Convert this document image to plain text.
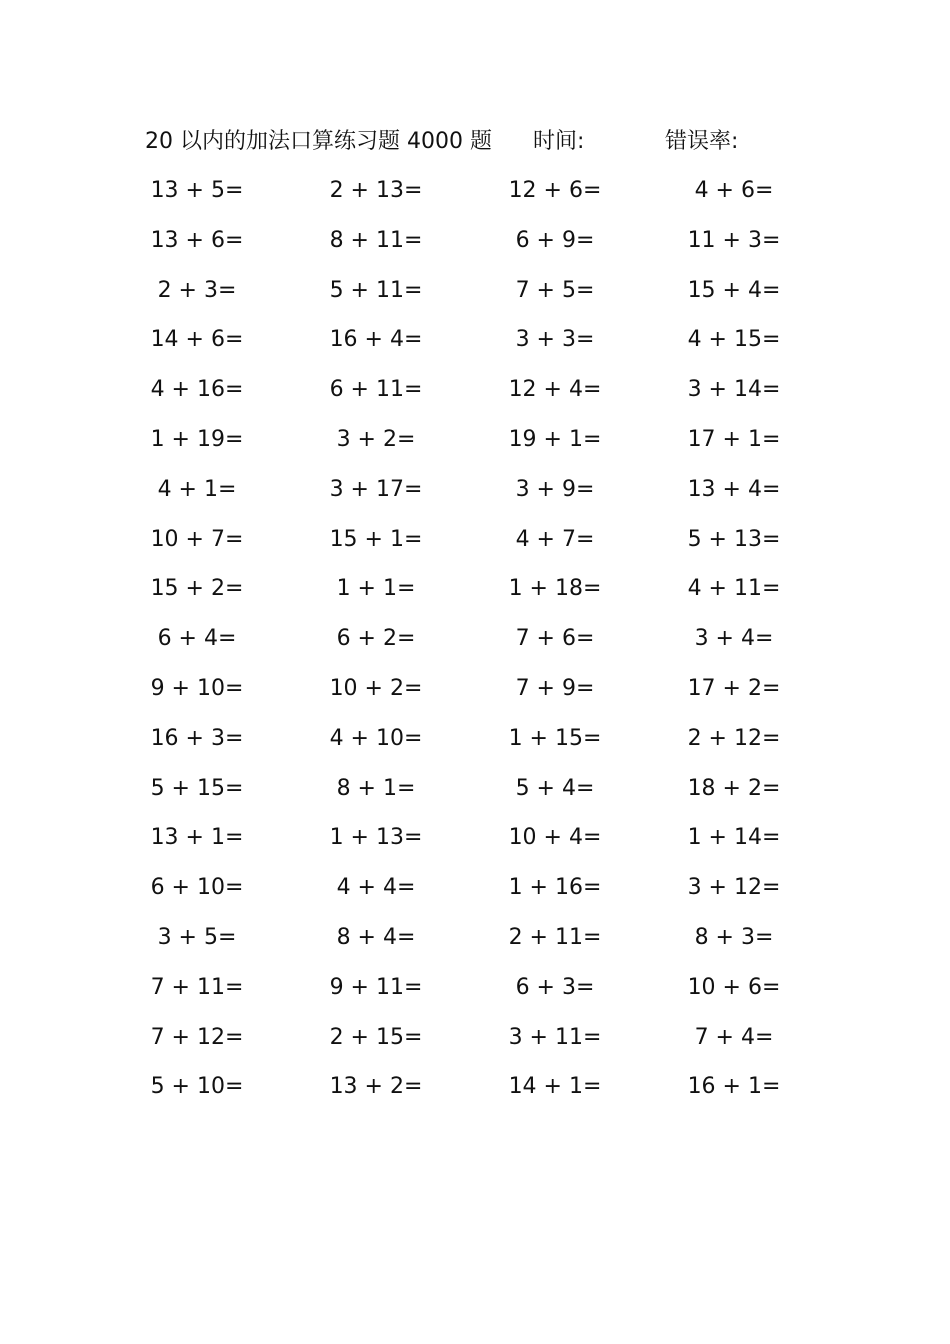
20 以内的加法口算练习题 4000 题 时间:	错误率:
13 + 5=
13 + 6=
2 + 3=
14 + 6=
4 + 16=
1 + 19=
4 + 1=
10 + 7=
15 + 2=
6 + 4=
9 + 10=
16 + 3=
5 + 15=
13 + 1=
6 + 10=
3 + 5=
7 + 11=
7 + 12=
5 + 10=
2 + 13=
8 + 11=
5 + 11=
16 + 4=
6 + 11=
3 + 2=
3 + 17=
15 + 1=
1 + 1=
6 + 2=
10 + 2=
4 + 10=
8 + 1=
1 + 13=
4 + 4=
8 + 4=
9 + 11=
2 + 15=
13 + 2=
12 + 6=
6 + 9=
7 + 5=
3 + 3=
12 + 4=
19 + 1=
3 + 9=
4 + 7=
1 + 18=
7 + 6=
7 + 9=
1 + 15=
5 + 4=
10 + 4=
1 + 16=
2 + 11=
6 + 3=
3 + 11=
14 + 1=
4 + 6=
11 + 3=
15 + 4=
4 + 15=
3 + 14=
17 + 1=
13 + 4=
5 + 13=
4 + 11=
3 + 4=
17 + 2=
2 + 12=
18 + 2=
1 + 14=
3 + 12=
8 + 3=
10 + 6=
7 + 4=
16 + 1=
